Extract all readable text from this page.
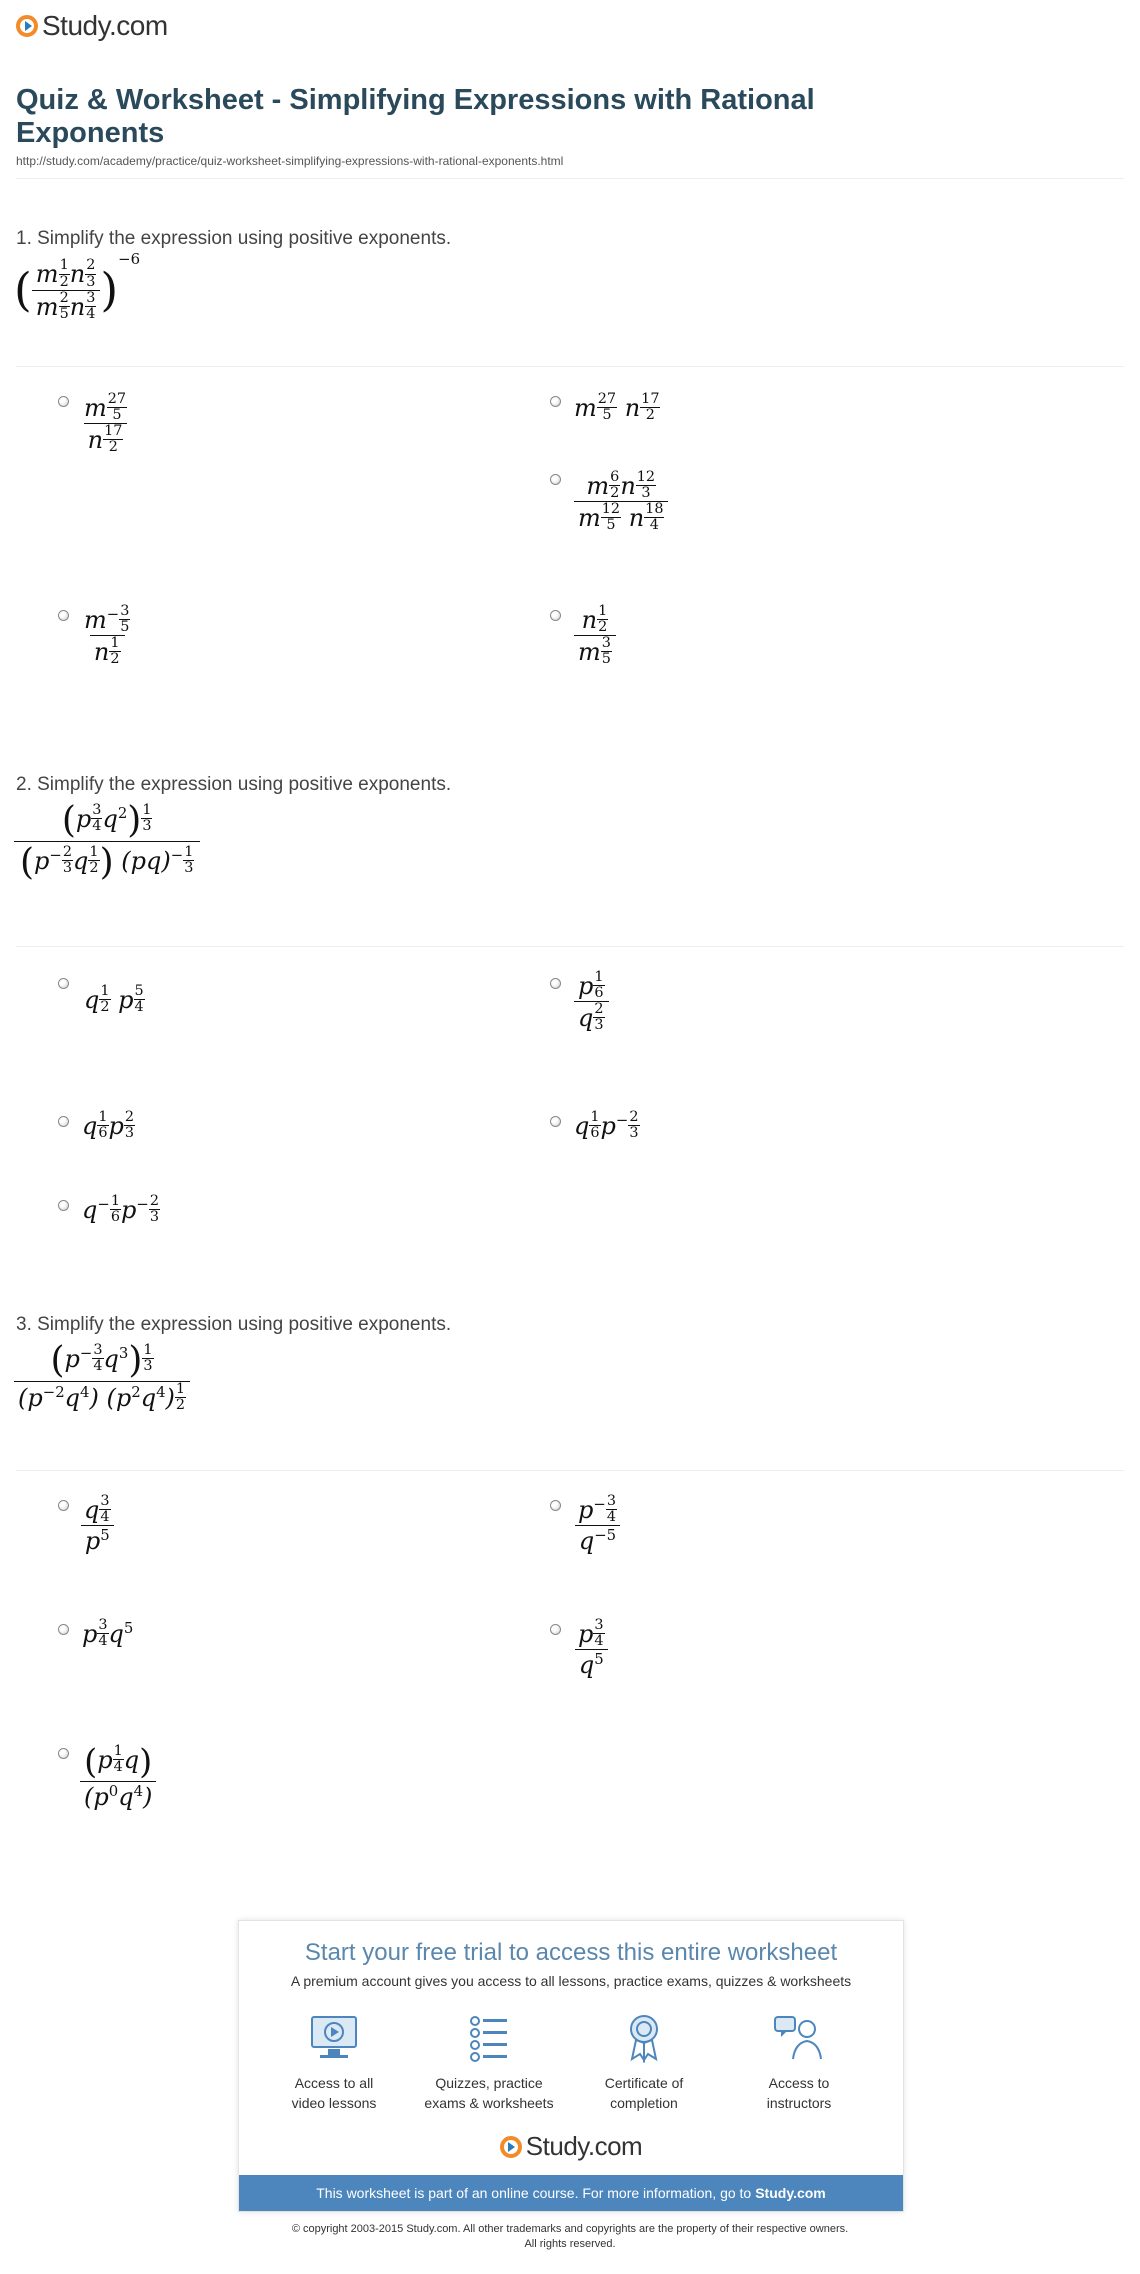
Study.com
Quiz & Worksheet - Simplifying Expressions with Rational Exponents
http://study.com/academy/practice/quiz-worksheet-simplifying-expressions-with-rational-exponents.html
1. Simplify the expression using positive exponents.
( $\frac{m \frac{1}{2} n \frac{2}{3}}{m \frac{2}{5} n \frac{3}{4}} )^{-6}$
$\frac{m \frac{27}{5}}{n \frac{17}{2}}$	m $\frac{27}{5}$ n $\frac{17}{2}$
$\frac{m \frac{6}{2} n \frac{12}{3}}{m \frac{12}{5} n \frac{18}{4}}$
$\frac{m^- \frac{3}{5}}{n \frac{1}{2}}$	$\frac{n \frac{1}{2}}{m \frac{3}{5}}$
2. Simplify the expression using positive exponents.
$\frac{(p \frac{3}{4} q^2) \frac{1}{3}}{(p^- \frac{2}{3} q \frac{1}{2} ) (pq)^- \frac{1}{3}}$
q $\frac{1}{2}$ p $\frac{5}{4}$	$\frac{p \frac{1}{6}}{q \frac{2}{3}}$
q $\frac{1}{6}$ p $\frac{2}{3}$	q $\frac{1}{6} p^- \frac{2}{3}$
$q^- \frac{1}{6} p^- \frac{2}{3}$
3. Simplify the expression using positive exponents.
$\frac{(p^- \frac{3}{4} q^3) \frac{1}{3}}{(p^{-2}q^4) (p^2q^4) \frac{1}{2}}$
$\frac{q \frac{3}{4}}{p^5}$	$\frac{p^- \frac{3}{4}}{q^{-5}}$
p $\frac{3}{4} q^5$	$\frac{p \frac{3}{4}}{q^5}$
$\frac{(p \frac{1}{4} q)}{(p^0q^4)}$
Start your free trial to access this entire worksheet
A premium account gives you access to all lessons, practice exams, quizzes & worksheets
Access to all
video lessons
Quizzes, practice
exams & worksheets
Certificate of
completion
Access to
instructors
Study.com
This worksheet is part of an online course. For more information, go to Study.com
© copyright 2003-2015 Study.com. All other trademarks and copyrights are the property of their respective owners.
All rights reserved.
